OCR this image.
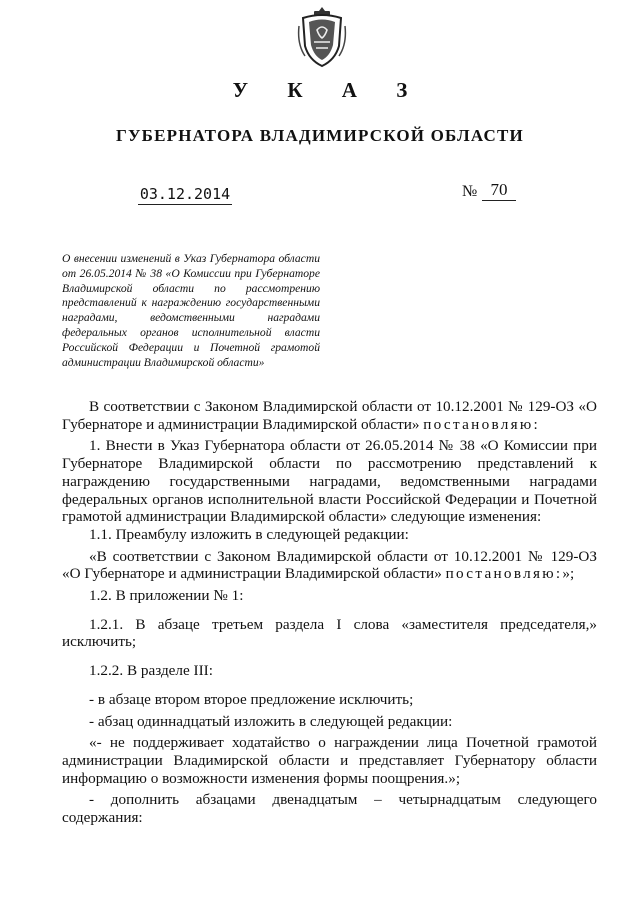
У К А З
ГУБЕРНАТОРА ВЛАДИМИРСКОЙ ОБЛАСТИ
03.12.2014	№ 70
О внесении изменений в Указ Губернатора области от 26.05.2014 № 38 «О Комиссии при Губернаторе Владимирской области по рассмотрению представлений к награждению государственными наградами, ведомственными наградами федеральных органов исполнительной власти Российской Федерации и Почетной грамотой администрации Владимирской области»

В соответствии с Законом Владимирской области от 10.12.2001 № 129-ОЗ «О Губернаторе и администрации Владимирской области» постановляю:

1. Внести в Указ Губернатора области от 26.05.2014 № 38 «О Комиссии при Губернаторе Владимирской области по рассмотрению представлений к награждению государственными наградами, ведомственными наградами федеральных органов исполнительной власти Российской Федерации и Почетной грамотой администрации Владимирской области» следующие изменения:

1.1. Преамбулу изложить в следующей редакции:

«В соответствии с Законом Владимирской области от 10.12.2001 № 129-ОЗ «О Губернаторе и администрации Владимирской области» постановляю:»;

1.2. В приложении № 1:

1.2.1. В абзаце третьем раздела I слова «заместителя председателя,» исключить;

1.2.2. В разделе III:

- в абзаце втором второе предложение исключить;

- абзац одиннадцатый изложить в следующей редакции:

«- не поддерживает ходатайство о награждении лица Почетной грамотой администрации Владимирской области и представляет Губернатору области информацию о возможности изменения формы поощрения.»;

- дополнить абзацами двенадцатым – четырнадцатым следующего содержания:
